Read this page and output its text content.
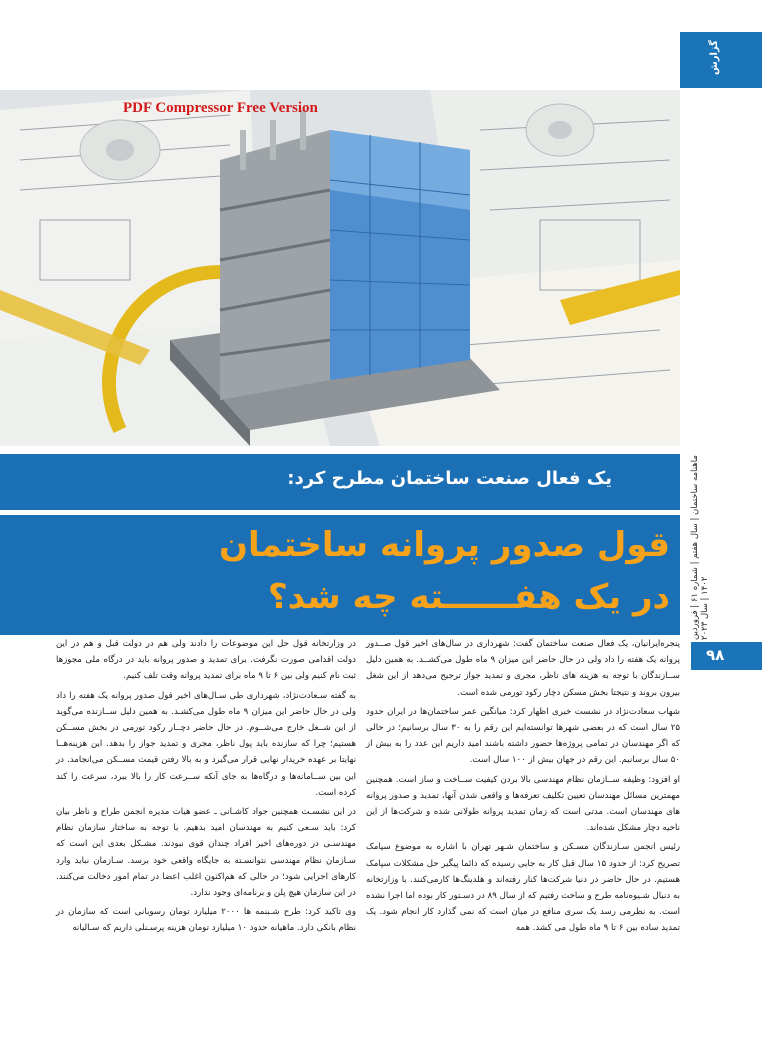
گزارش
PDF Compressor Free Version
یک فعال صنعت ساختمان مطرح کرد:
قول صدور پروانه ساختمان
در یک هفــــــته چه شد؟
ماهنامه ساختمان | سال هفتم | شماره ۶۱ | فروردین ۱۴۰۲ | سال ۲۰۲۳
۹۸

پنجره‌ایرانیان، یک فعال صنعت ساختمان گفت: شهرداری در سال‌های اخیر قول صــدور پروانه یک هفته را داد ولی در حال حاضر این میزان ۹ ماه طول می‌کشــد. به همین دلیل ســازندگان با توجه به هزینه های ناظر، مجری و تمدید جواز ترجیح می‌دهد از این شغل بیرون بروند و نتیجتا بخش مسکن دچار رکود تورمی شده است.

شهاب سعادت‌نژاد در نشست خبری اظهار کرد: میانگین عمر ساختمان‌ها در ایران حدود ۲۵ سال است که در بعضی شهرها توانسته‌ایم این رقم را به ۳۰ سال برسانیم؛ در حالی که اگر مهندسان در تمامی پروژه‌ها حضور داشته باشند امید داریم این عدد را به بیش از ۵۰ سال برسانیم. این رقم در جهان بیش از ۱۰۰ سال است.

او افزود: وظیفه ســازمان نظام مهندسی بالا بردن کیفیت ســاخت و ساز است. همچنین مهمترین مسائل مهندسان تعیین تکلیف تعرفه‌ها و واقعی شدن آنها، تمدید و صدور پروانه های مهندسان است. مدتی است که زمان تمدید پروانه طولانی شده و شرکت‌ها از این ناحیه دچار مشکل شده‌اند.

رئیس انجمن سـازندگان مسـکن و ساختمان شـهر تهران با اشاره به موضوع سپامک تصریح کرد: از حدود ۱۵ سال قبل کار به جایی رسیده که دائما پیگیر حل مشکلات سپامک هستیم. در حال حاضر در دنیا شرکت‌ها کنار رفته‌اند و هلدینگ‌ها کارمی‌کنند. با وزارتخانه به دنبال شـیوه‌نامه طرح و ساخت رفتیم که از سال ۸۹ در دسـتور کار بوده اما اجرا نشده است. به نظرمی رسد یک سری منافع در میان است که نمی گذارد کار انجام شود. یک تمدید ساده بین ۶ تا ۹ ماه طول می کشد. همه

در وزارتخانه قول حل این موضوعات را دادند ولی هم در دولت قبل و هم در این دولت اقدامی صورت نگرفت. برای تمدید و صدور پروانه باید در درگاه ملی مجوزها ثبت نام کنیم ولی بین ۶ تا ۹ ماه برای تمدید پروانه وقت تلف کنیم.

به گفته سـعادت‌نژاد، شهرداری طی سـال‌های اخیر قول صدور پروانه یک هفته را داد ولی در حال حاضر این میزان ۹ ماه طول می‌کشـد. به همین دلیل ســازنده می‌گوید از این شــغل خارج می‌شــوم. در حال حاضر دچــار رکود تورمی در بخش مســکن هستیم؛ چرا که سازنده باید پول ناظر، مجری و تمدید جواز را بدهد. این هزینه‌هــا نهایتا بر عهده خریدار نهایی قرار می‌گیرد و به بالا رفتن قیمت مســکن می‌انجامد. در این بین ســامانه‌ها و درگاه‌ها به جای آنکه ســرعت کار را بالا ببرد، سرعت را کند کرده است.

در این نشسـت همچنین جواد کاشـانی ـ عضو هیات مدیره انجمن طراح و ناظر بیان کرد: باید سـعی کنیم به مهندسان امید بدهیم. با توجه به ساختار سازمان نظام مهندسـی در دوره‌های اخیر افراد چندان قوی نبودند. مشـکل بعدی این است که سـازمان نظام مهندسی نتوانسـته به جایگاه واقعی خود برسد. سـازمان نباید وارد کارهای اجرایی شود؛ در حالی که هم‌اکنون اغلب اعضا در تمام امور دخالت می‌کنند. در این سازمان هیچ پلن و برنامه‌ای وجود ندارد.

وی تاکید کرد: طرح شـبنمه ها ۲۰۰۰ میلیارد تومان رسوبانی است که سازمان در نظام بانکی دارد. ماهیانه حدود ۱۰ میلیارد تومان هزینه پرسـنلی داریم که سـالیانه
